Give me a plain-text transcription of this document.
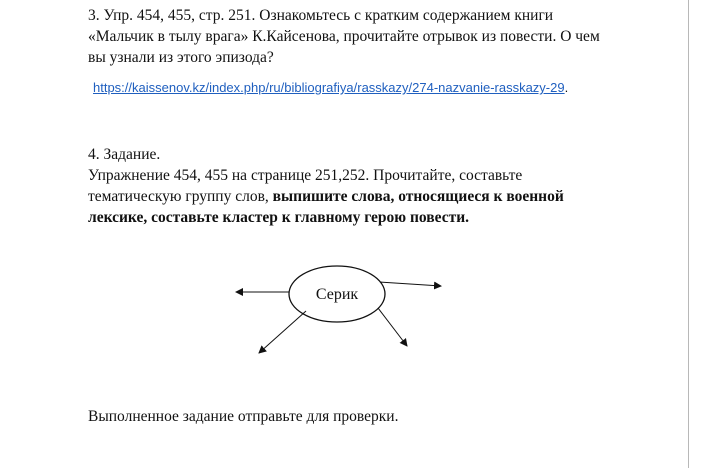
3. Упр. 454, 455, стр. 251. Ознакомьтесь с кратким содержанием книги
«Мальчик в тылу врага» К.Кайсенова, прочитайте отрывок из повести. О чем
вы узнали из этого эпизода?

https://kaissenov.kz/index.php/ru/bibliografiya/rasskazy/274-nazvanie-rasskazy-29.

4. Задание.
Упражнение 454, 455 на странице 251,252. Прочитайте, составьте
тематическую группу слов, выпишите слова, относящиеся к военной
лексике, составьте кластер к главному герою повести.

Серик

Выполненное задание отправьте для проверки.
